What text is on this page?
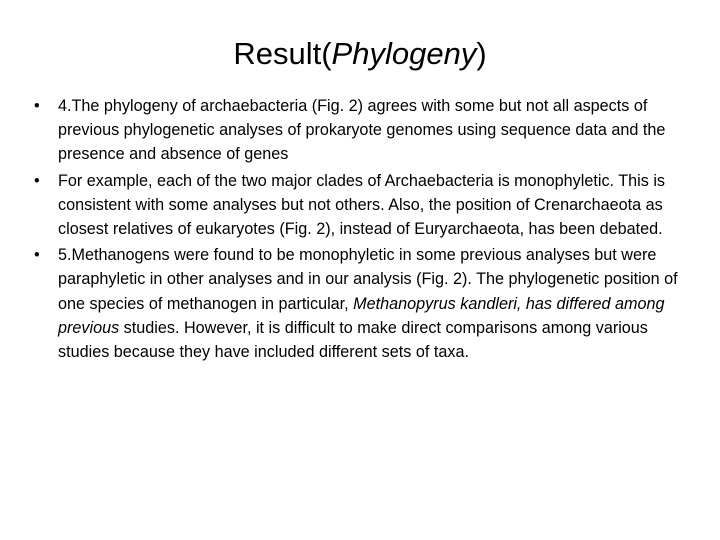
Result(Phylogeny)
•	4.The phylogeny of archaebacteria (Fig. 2) agrees with some but not all aspects of previous phylogenetic analyses of prokaryote genomes using sequence data and the presence and absence of genes
•	For example, each of the two major clades of Archaebacteria is monophyletic. This is consistent with some analyses but not others. Also, the position of Crenarchaeota as closest relatives of eukaryotes (Fig. 2), instead of Euryarchaeota, has been debated.
•	5.Methanogens were found to be monophyletic in some previous analyses but were paraphyletic in other analyses and in our analysis (Fig. 2). The phylogenetic position of one species of methanogen in particular, Methanopyrus kandleri, has differed among previous studies. However, it is difficult to make direct comparisons among various studies because they have included different sets of taxa.
